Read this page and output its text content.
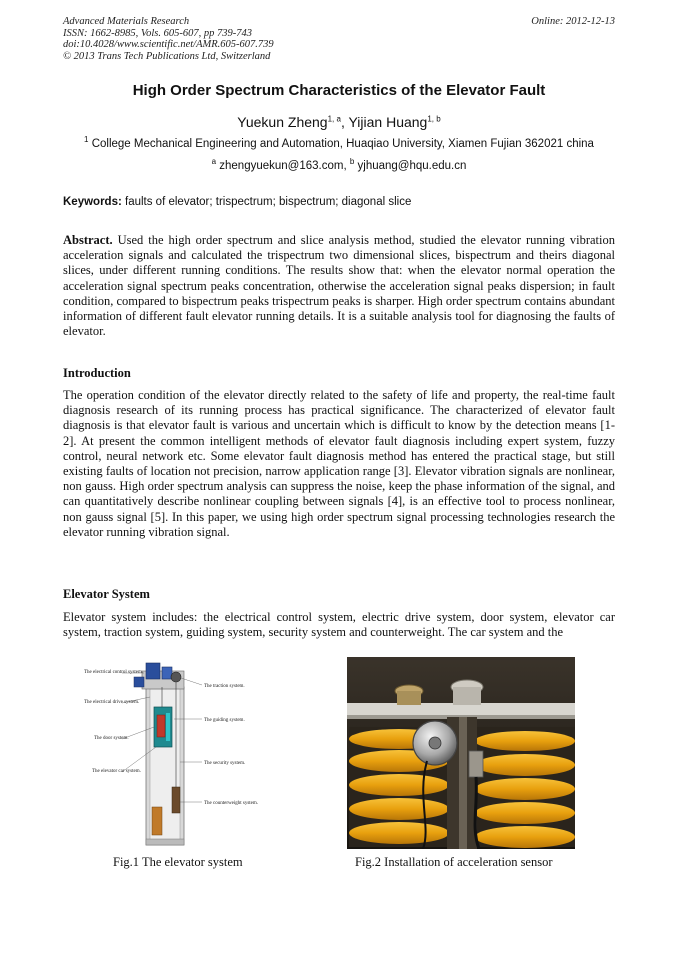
Advanced Materials Research
ISSN: 1662-8985, Vols. 605-607, pp 739-743
doi:10.4028/www.scientific.net/AMR.605-607.739
© 2013 Trans Tech Publications Ltd, Switzerland
Online: 2012-12-13
High Order Spectrum Characteristics of the Elevator Fault
Yuekun Zheng$^{1, a}$, Yijian Huang$^{1, b}$
$^1$ College Mechanical Engineering and Automation, Huaqiao University, Xiamen Fujian 362021 china
$^a$ zhengyuekun@163.com, $^b$ yjhuang@hqu.edu.cn
Keywords: faults of elevator; trispectrum; bispectrum; diagonal slice

Abstract. Used the high order spectrum and slice analysis method, studied the elevator running vibration acceleration signals and calculated the trispectrum two dimensional slices, bispectrum and theirs diagonal slices, under different running conditions. The results show that: when the elevator normal operation the acceleration signal spectrum peaks concentration, otherwise the acceleration signal peaks dispersion; in fault condition, compared to bispectrum peaks trispectrum peaks is sharper. High order spectrum contains abundant information of different fault elevator running details. It is a suitable analysis tool for diagnosing the faults of elevator.

Introduction

The operation condition of the elevator directly related to the safety of life and property, the real-time fault diagnosis research of its running process has practical significance. The characterized of elevator fault diagnosis is that elevator fault is various and uncertain which is difficult to know by the detection means [1-2]. At present the common intelligent methods of elevator fault diagnosis including expert system, fuzzy control, neural network etc. Some elevator fault diagnosis method has entered the practical stage, but still existing faults of location not precision, narrow application range [3]. Elevator vibration signals are nonlinear, non gauss. High order spectrum analysis can suppress the noise, keep the phase information of the signal, and can quantitatively describe nonlinear coupling between signals [4], is an effective tool to process nonlinear, non gauss signal [5]. In this paper, we using high order spectrum signal processing technologies research the elevator running vibration signal.

Elevator System

Elevator system includes: the electrical control system, electric drive system, door system, elevator car system, traction system, guiding system, security system and counterweight. The car system and the

The electrical control system.
The electrical drive system.
The door system.
The elevator car system.
The traction system.
The guiding system.
The security system.
The counterweight system.
Fig.1 The elevator system	Fig.2 Installation of acceleration sensor
